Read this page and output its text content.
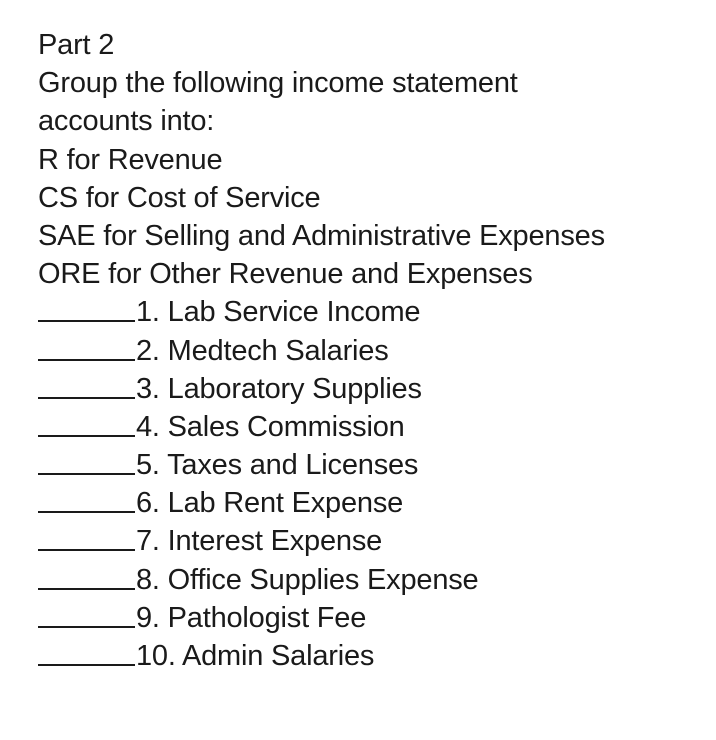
Part 2
Group the following income statement
accounts into:
R for Revenue
CS for Cost of Service
SAE for Selling and Administrative Expenses
ORE for Other Revenue and Expenses
1. Lab Service Income
2. Medtech Salaries
3. Laboratory Supplies
4. Sales Commission
5. Taxes and Licenses
6. Lab Rent Expense
7. Interest Expense
8. Office Supplies Expense
9. Pathologist Fee
10. Admin Salaries
